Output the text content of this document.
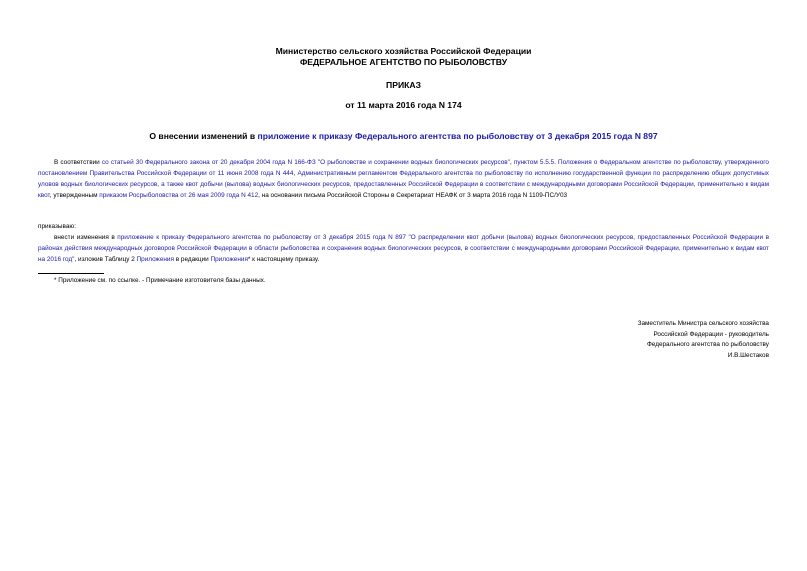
Министерство сельского хозяйства Российской Федерации
ФЕДЕРАЛЬНОЕ АГЕНТСТВО ПО РЫБОЛОВСТВУ
ПРИКАЗ
от 11 марта 2016 года N 174
О внесении изменений в приложение к приказу Федерального агентства по рыболовству от 3 декабря 2015 года N 897

В соответствии со статьей 30 Федерального закона от 20 декабря 2004 года N 166-ФЗ "О рыболовстве и сохранении водных биологических ресурсов", пунктом 5.5.5. Положения о Федеральном агентстве по рыболовству, утвержденного постановлением Правительства Российской Федерации от 11 июня 2008 года N 444, Административным регламентом Федерального агентства по рыболовству по исполнению государственной функции по распределению общих допустимых уловов водных биологических ресурсов, а также квот добычи (вылова) водных биологических ресурсов, предоставленных Российской Федерации в соответствии с международными договорами Российской Федерации, применительно к видам квот, утвержденным приказом Росрыболовства от 26 мая 2009 года N 412, на основании письма Российской Стороны в Секретариат НЕАФК от 3 марта 2016 года N 1109-ПС/У03

приказываю:

внести изменения в приложение к приказу Федерального агентства по рыболовству от 3 декабря 2015 года N 897 "О распределении квот добычи (вылова) водных биологических ресурсов, предоставленных Российской Федерации в районах действия международных договоров Российской Федерации в области рыболовства и сохранения водных биологических ресурсов, в соответствии с международными договорами Российской Федерации, применительно к видам квот на 2016 год", изложив Таблицу 2 Приложения в редакции Приложения* к настоящему приказу.

* Приложение см. по ссылке. - Примечание изготовителя базы данных.
Заместитель Министра сельского хозяйства
Российской Федерации - руководитель
Федерального агентства по рыболовству
И.В.Шестаков
